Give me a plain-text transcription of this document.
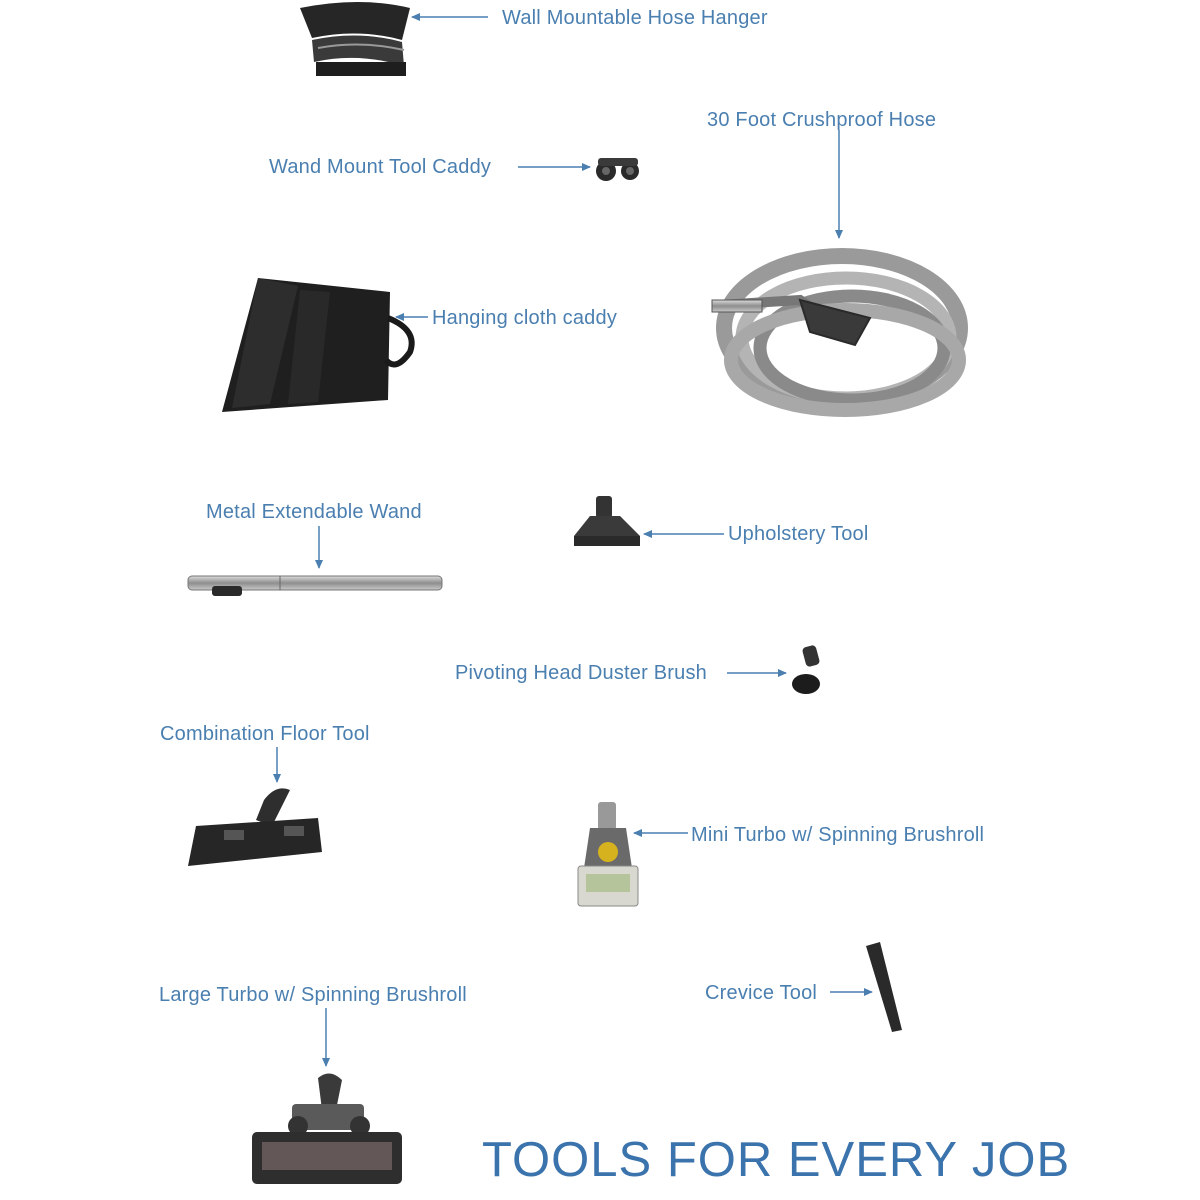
Wall Mountable Hose Hanger
30 Foot Crushproof Hose
Wand Mount Tool Caddy
Hanging cloth caddy
Metal Extendable Wand
Upholstery Tool
Pivoting Head Duster Brush
Combination Floor Tool
Mini Turbo w/ Spinning Brushroll
Large Turbo w/ Spinning Brushroll	Crevice Tool
TOOLS FOR EVERY JOB
